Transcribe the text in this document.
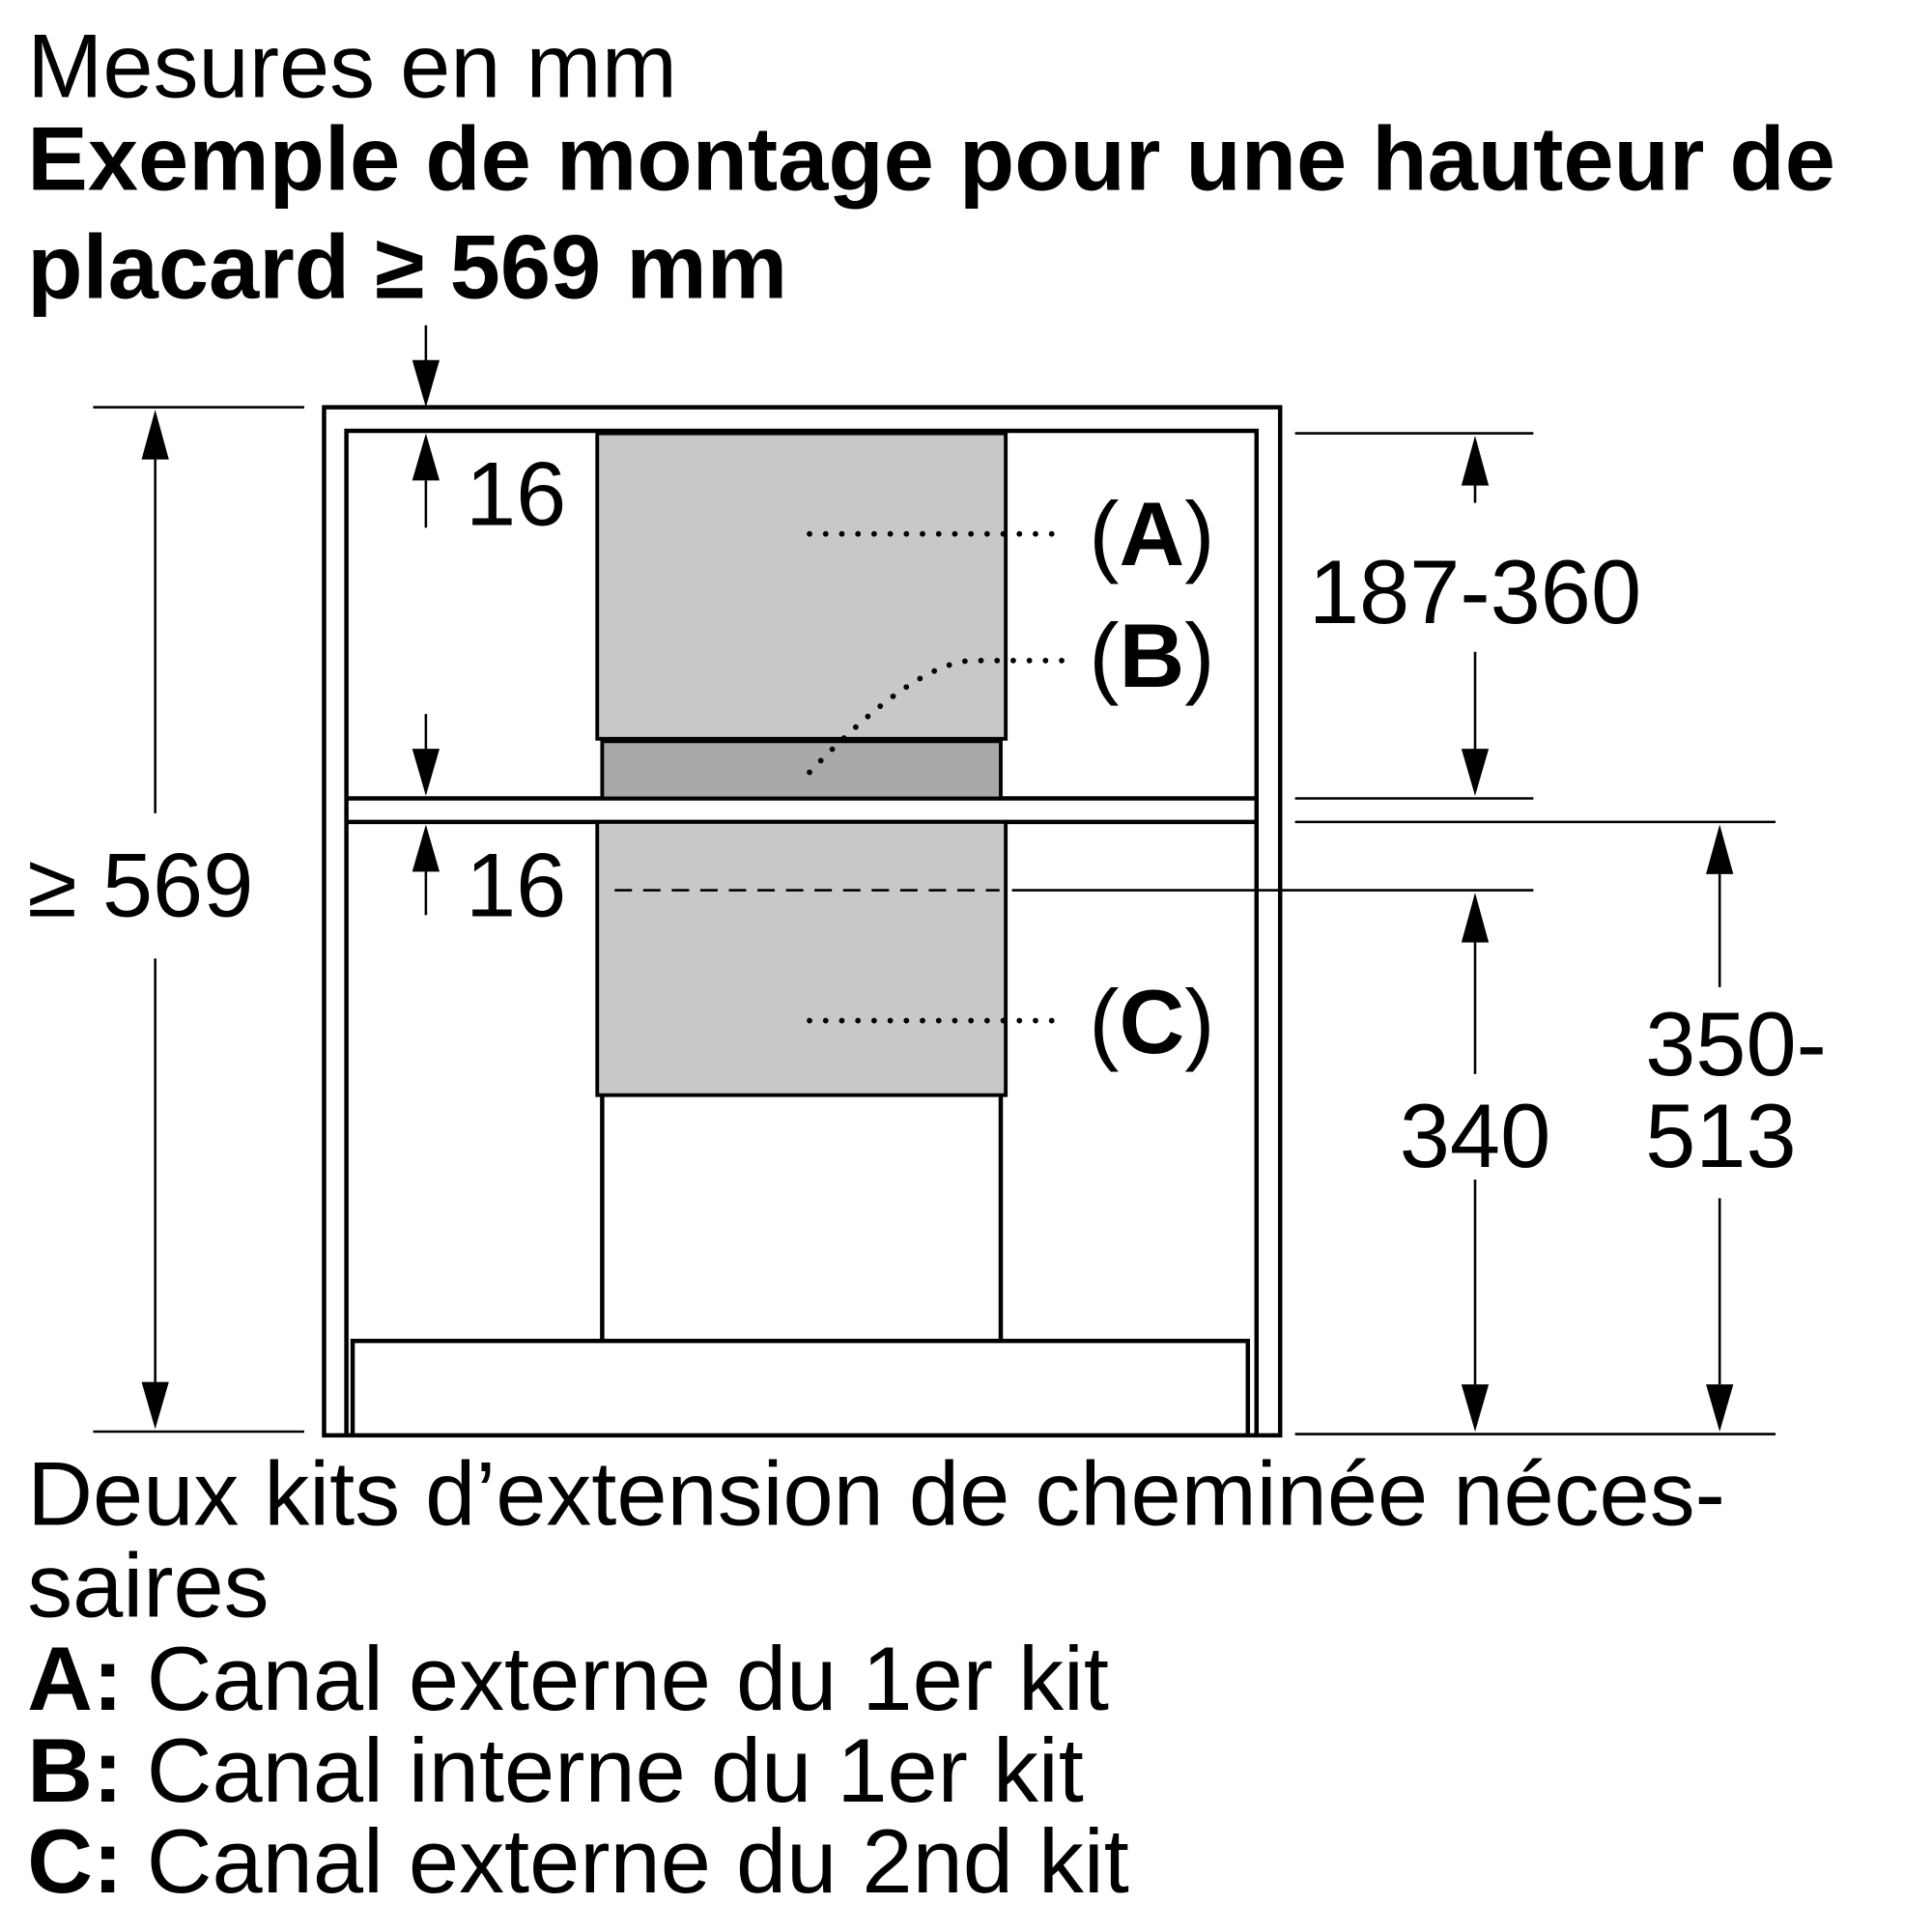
Mesures en mm
Exemple de montage pour une hauteur de
placard ≥ 569 mm
16
16
≥ 569
187-360
340
350-
513
(A)
(B)
(C)
Deux kits d’extension de cheminée néces-
saires
A: Canal externe du 1er kit
B: Canal interne du 1er kit
C: Canal externe du 2nd kit
